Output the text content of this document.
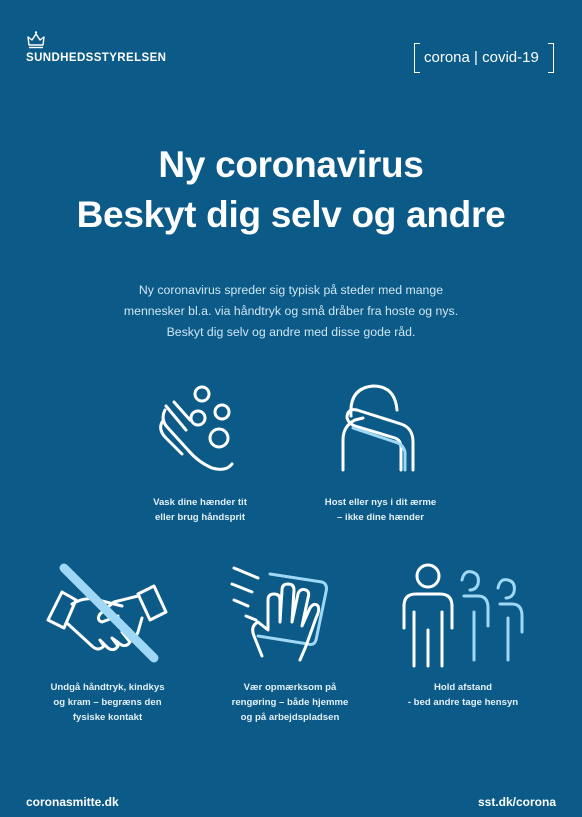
SUNDHEDSSTYRELSEN	corona | covid-19
Ny coronavirus
Beskyt dig selv og andre
Ny coronavirus spreder sig typisk på steder med mange
mennesker bl.a. via håndtryk og små dråber fra hoste og nys.
Beskyt dig selv og andre med disse gode råd.
Vask dine hænder tit
eller brug håndsprit
Host eller nys i dit ærme
– ikke dine hænder
Undgå håndtryk, kindkys
og kram – begræns den
fysiske kontakt
Vær opmærksom på
rengøring – både hjemme
og på arbejdspladsen
Hold afstand
- bed andre tage hensyn
coronasmitte.dk	sst.dk/corona
